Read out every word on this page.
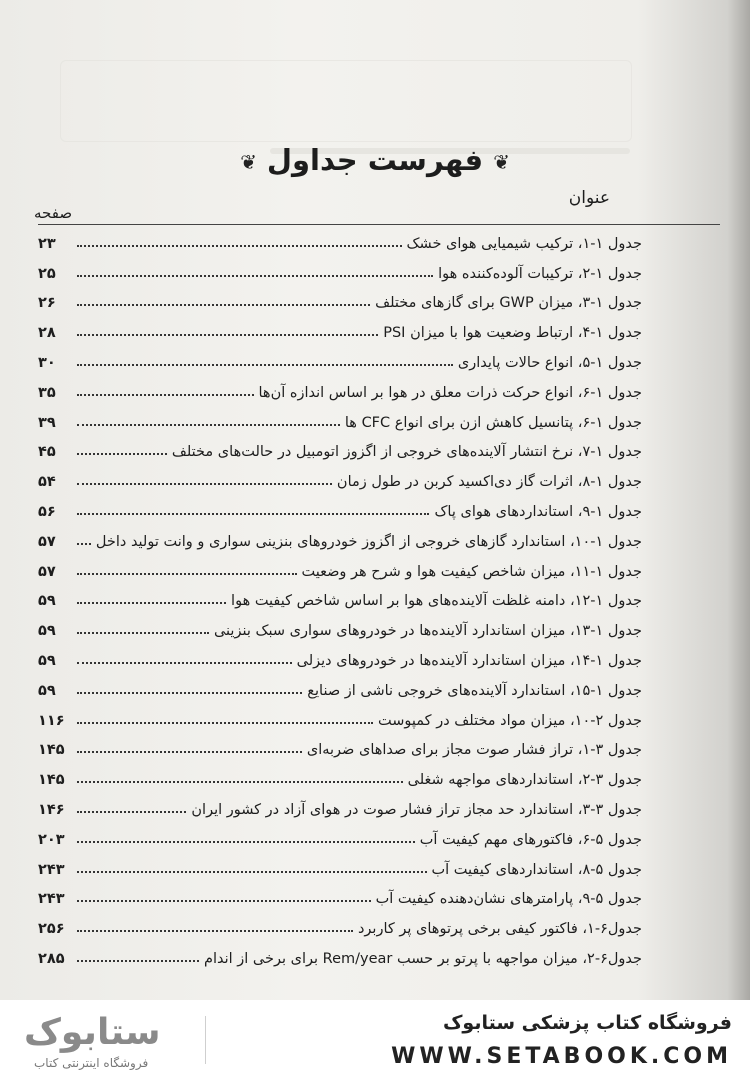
❦فهرست جداول❦
عنوان
صفحه
جدول ۱-۱، ترکیب شیمیایی هوای خشک
۲۳
جدول ۱-۲، ترکیبات آلوده‌کننده هوا
۲۵
جدول ۱-۳، میزان GWP برای گازهای مختلف
۲۶
جدول ۱-۴، ارتباط وضعیت هوا با میزان PSI
۲۸
جدول ۱-۵، انواع حالات پایداری
۳۰
جدول ۱-۶، انواع حرکت ذرات معلق در هوا بر اساس اندازه آن‌ها
۳۵
جدول ۱-۶، پتانسیل کاهش ازن برای انواع CFC ها
۳۹
جدول ۱-۷، نرخ انتشار آلاینده‌های خروجی از اگزوز اتومبیل در حالت‌های مختلف
۴۵
جدول ۱-۸، اثرات گاز دی‌اکسید کربن در طول زمان
۵۴
جدول ۱-۹، استانداردهای هوای پاک
۵۶
جدول ۱-۱۰، استاندارد گازهای خروجی از اگزوز خودروهای بنزینی سواری و وانت تولید داخل
۵۷
جدول ۱-۱۱، میزان شاخص کیفیت هوا و شرح هر وضعیت
۵۷
جدول ۱-۱۲، دامنه غلظت آلاینده‌های هوا بر اساس شاخص کیفیت هوا
۵۹
جدول ۱-۱۳، میزان استاندارد آلاینده‌ها در خودروهای سواری سبک بنزینی
۵۹
جدول ۱-۱۴، میزان استاندارد آلاینده‌ها در خودروهای دیزلی
۵۹
جدول ۱-۱۵، استاندارد آلاینده‌های خروجی ناشی از صنایع
۵۹
جدول ۲-۱۰، میزان مواد مختلف در کمپوست
۱۱۶
جدول ۳-۱، تراز فشار صوت مجاز برای صداهای ضربه‌ای
۱۴۵
جدول ۳-۲، استانداردهای مواجهه شغلی
۱۴۵
جدول ۳-۳، استاندارد حد مجاز تراز فشار صوت در هوای آزاد در کشور ایران
۱۴۶
جدول ۵-۶، فاکتورهای مهم کیفیت آب
۲۰۳
جدول ۵-۸، استانداردهای کیفیت آب
۲۴۳
جدول ۵-۹، پارامترهای نشان‌دهنده کیفیت آب
۲۴۳
جدول۶-۱، فاکتور کیفی برخی پرتوهای پر کاربرد
۲۵۶
جدول۶-۲، میزان مواجهه با پرتو بر حسب Rem/year برای برخی از اندام
۲۸۵
ستابوک
فروشگاه اینترنتی کتاب
فروشگاه کتاب پزشکی ستابوک
WWW.SETABOOK.COM
